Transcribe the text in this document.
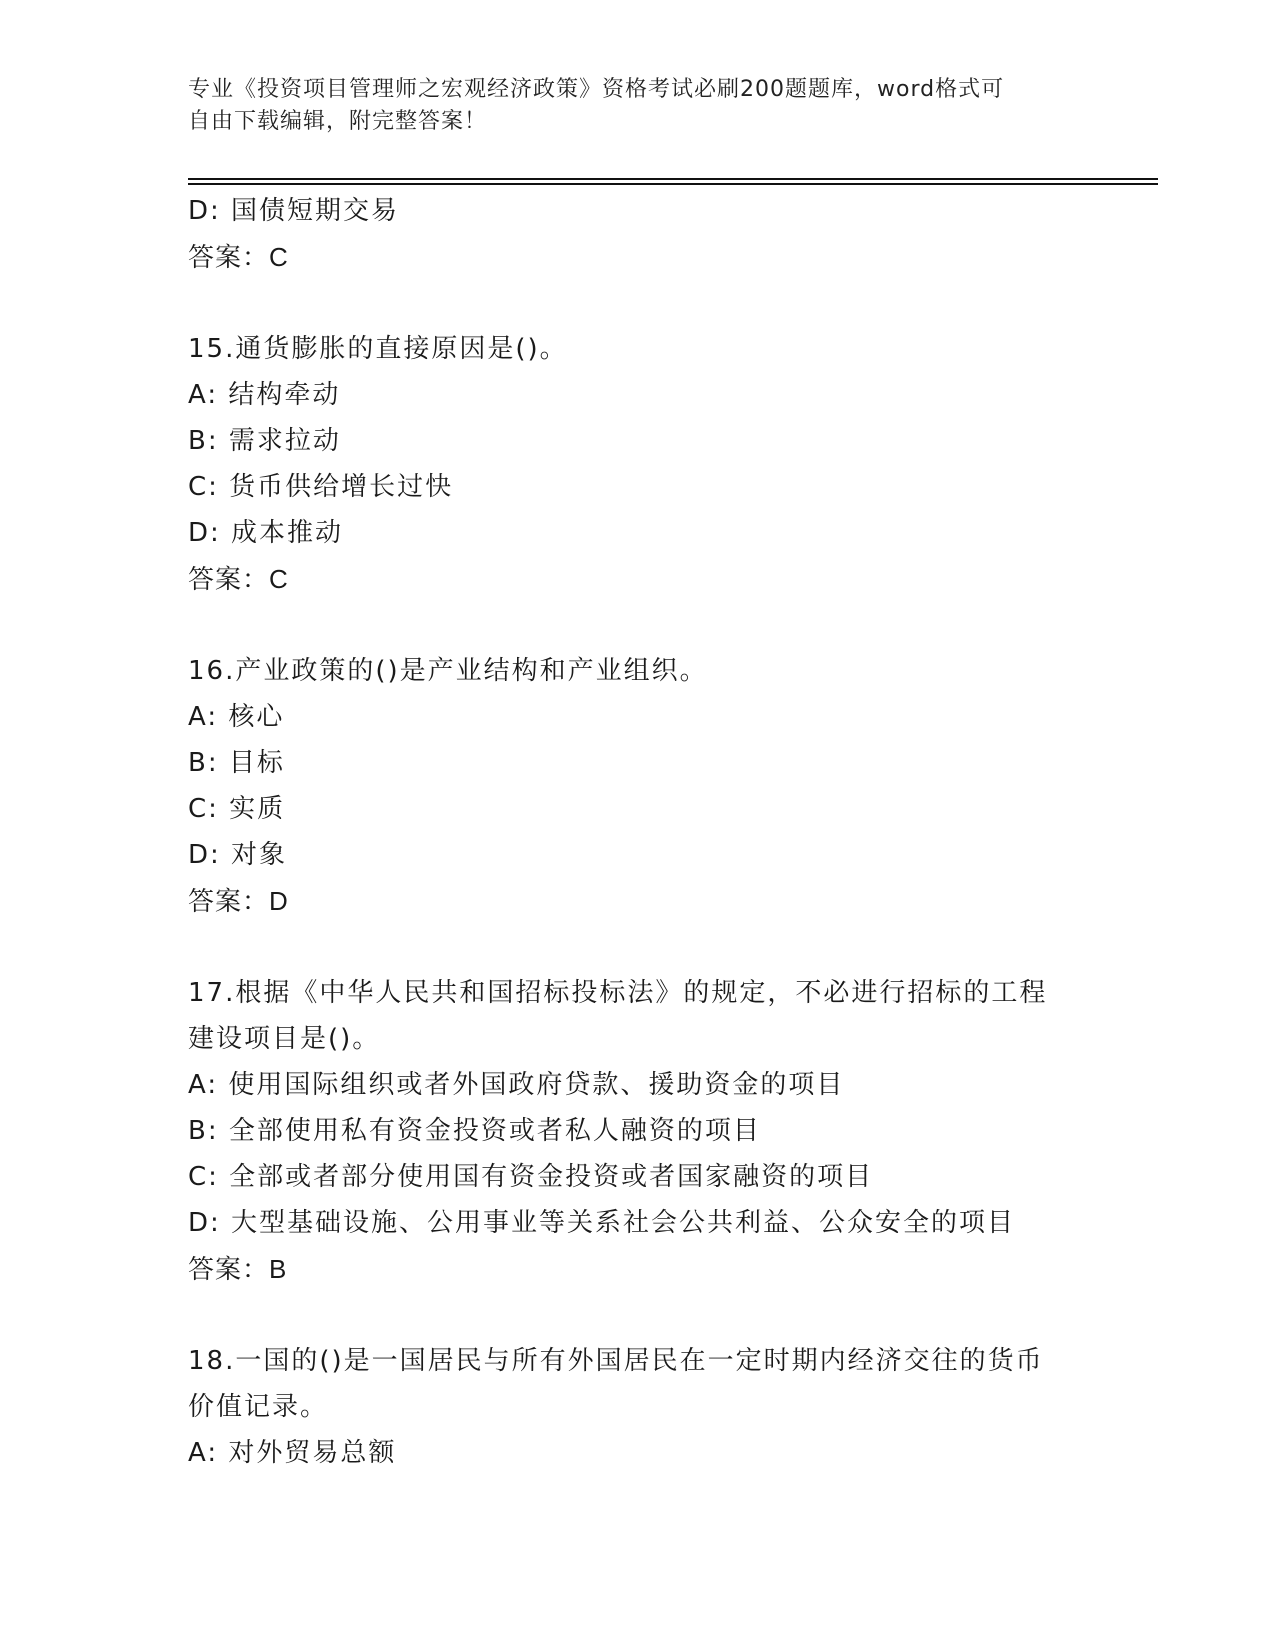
专业《投资项目管理师之宏观经济政策》资格考试必刷200题题库，word格式可
自由下载编辑，附完整答案！
D: 国债短期交易
答案：C
15.通货膨胀的直接原因是()。
A: 结构牵动
B: 需求拉动
C: 货币供给增长过快
D: 成本推动
答案：C
16.产业政策的()是产业结构和产业组织。
A: 核心
B: 目标
C: 实质
D: 对象
答案：D
17.根据《中华人民共和国招标投标法》的规定，不必进行招标的工程
建设项目是()。
A: 使用国际组织或者外国政府贷款、援助资金的项目
B: 全部使用私有资金投资或者私人融资的项目
C: 全部或者部分使用国有资金投资或者国家融资的项目
D: 大型基础设施、公用事业等关系社会公共利益、公众安全的项目
答案：B
18.一国的()是一国居民与所有外国居民在一定时期内经济交往的货币
价值记录。
A: 对外贸易总额
